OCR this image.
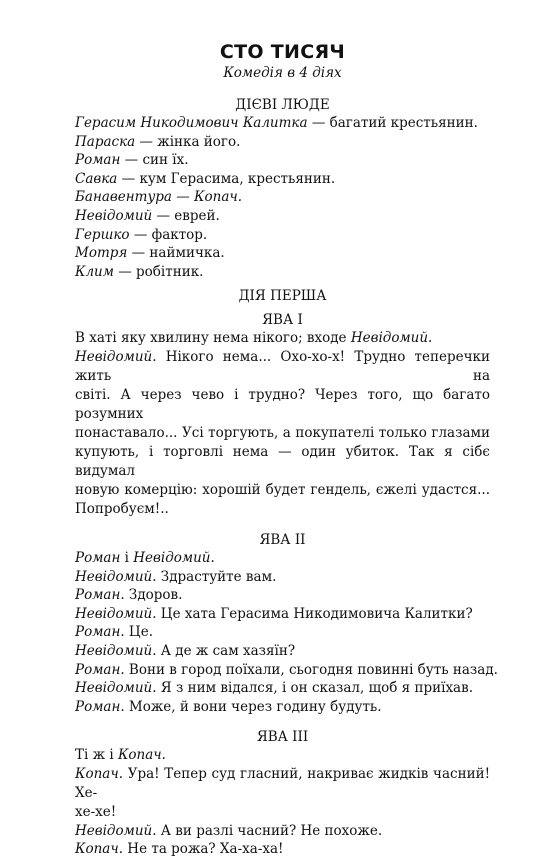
СТО ТИСЯЧ

Комедія в 4 діях

ДІЄВІ ЛЮДЕ

Герасим Никодимович Калитка — багатий крестьянин.

Параска — жінка його.

Роман — син їх.

Савка — кум Герасима, крестьянин.

Банавентура — Копач.

Невідомий — еврей.

Гершко — фактор.

Мотря — наймичка.

Клим — робітник.

ДІЯ ПЕРША

ЯВА І

В хаті яку хвилину нема нікого; входе Невідомий.

Невідомий. Нікого нема... Охо-хо-х! Трудно теперечки жить на
світі. А через чево і трудно? Через того, що багато розумних
понаставало... Усі торгують, а покупателі только глазами
купують, і торговлі нема — один убиток. Так я сібє видумал
новую комерцію: хорошій будет гендель, єжелі удастся...
Попробуєм!..

ЯВА ІІ

Роман і Невідомий.

Невідомий. Здрастуйте вам.

Роман. Здоров.

Невідомий. Це хата Герасима Никодимовича Калитки?

Роман. Це.

Невідомий. А де ж сам хазяїн?

Роман. Вони в город поїхали, сьогодня повинні буть назад.

Невідомий. Я з ним відался, і он сказал, щоб я приїхав.

Роман. Може, й вони через годину будуть.

ЯВА ІІІ

Ті ж і Копач.

Копач. Ура! Тепер суд гласний, накриває жидків часний! Хе-
хе-хе!

Невідомий. А ви разлі часний? Не похоже.

Копач. Не та рожа? Ха-ха-ха!
